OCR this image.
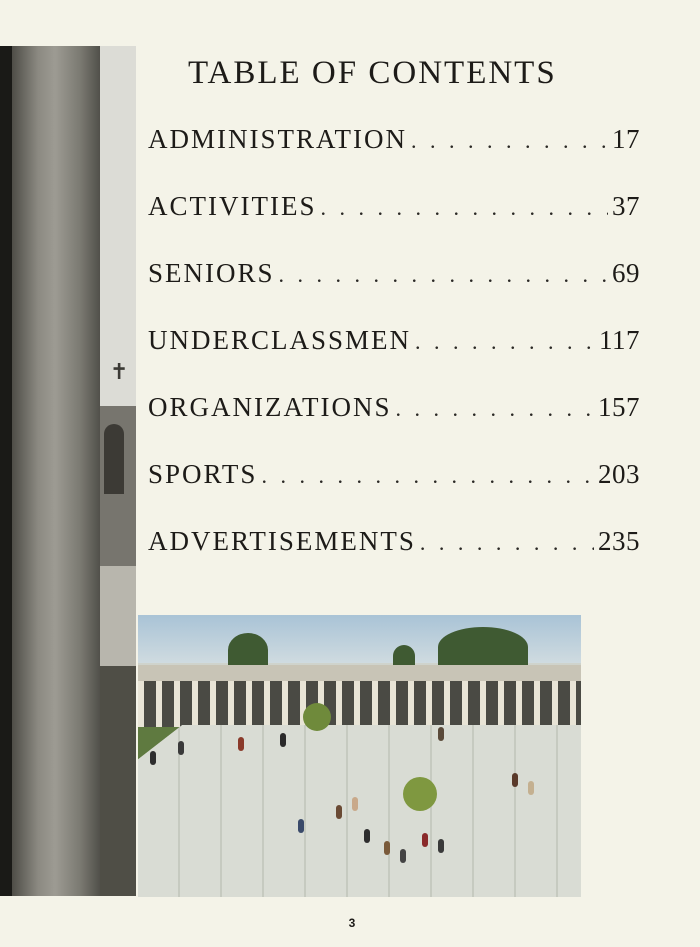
✝
TABLE OF CONTENTS
ADMINISTRATION . . .	17
ACTIVITIES . . .	37
SENIORS . . .	69
UNDERCLASSMEN . . .	117
ORGANIZATIONS . . .	157
SPORTS . . .	203
ADVERTISEMENTS . . .	235
3
